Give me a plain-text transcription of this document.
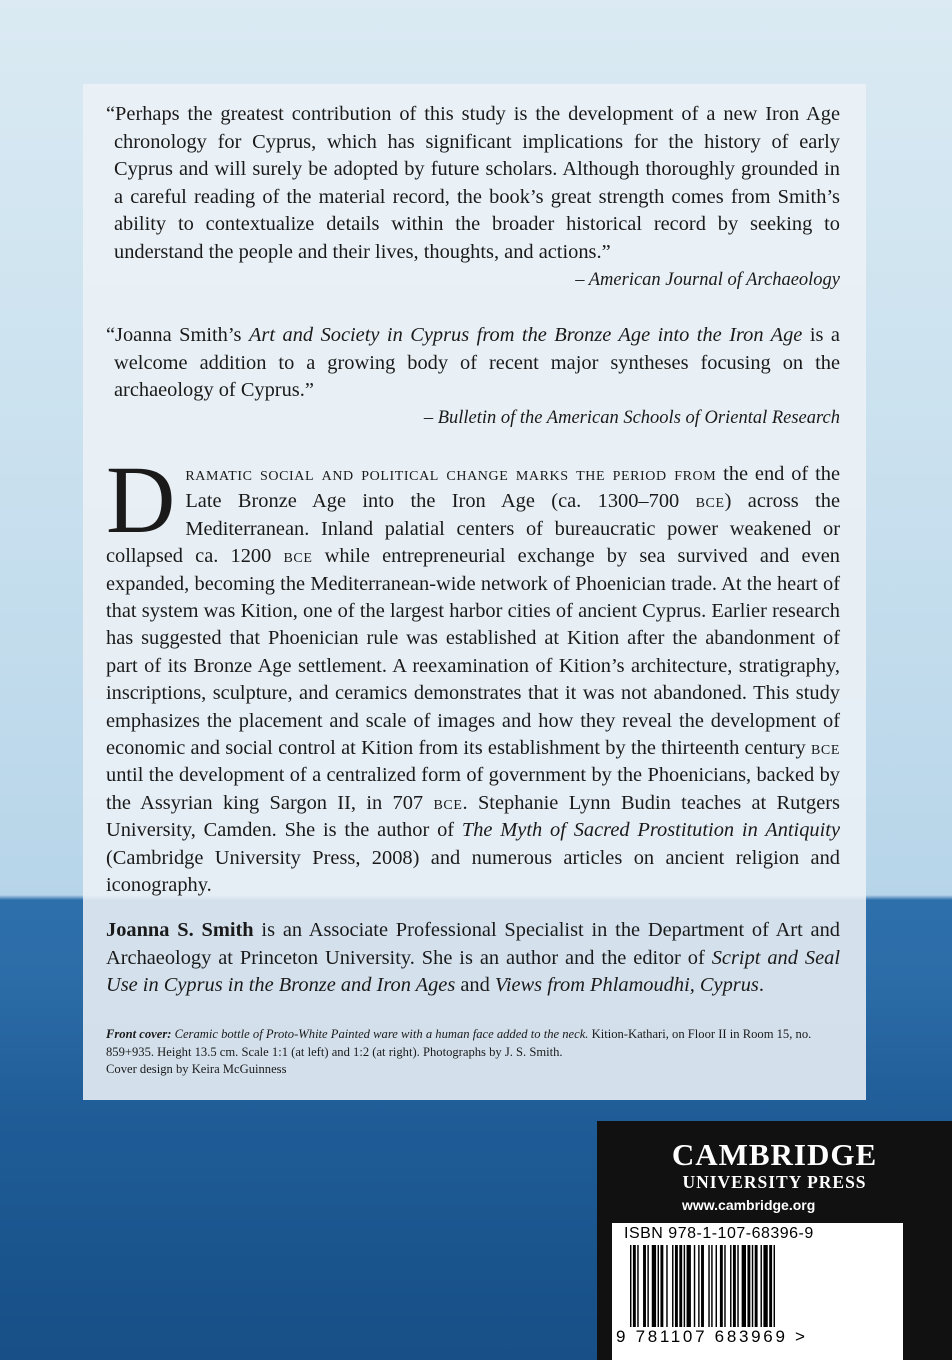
“Perhaps the greatest contribution of this study is the development of a new Iron Age chronology for Cyprus, which has significant implications for the history of early Cyprus and will surely be adopted by future scholars. Although thoroughly grounded in a careful reading of the material record, the book’s great strength comes from Smith’s ability to contextualize details within the broader historical record by seeking to understand the people and their lives, thoughts, and actions.”

– American Journal of Archaeology

“Joanna Smith’s Art and Society in Cyprus from the Bronze Age into the Iron Age is a welcome addition to a growing body of recent major syntheses focusing on the archaeology of Cyprus.”

– Bulletin of the American Schools of Oriental Research
Dramatic social and political change marks the period from the end of the Late Bronze Age into the Iron Age (ca. 1300–700 bce) across the Mediterranean. Inland palatial centers of bureaucratic power weakened or collapsed ca. 1200 bce while entrepreneurial exchange by sea survived and even expanded, becoming the Mediterranean-wide network of Phoenician trade. At the heart of that system was Kition, one of the largest harbor cities of ancient Cyprus. Earlier research has suggested that Phoenician rule was established at Kition after the abandonment of part of its Bronze Age settlement. A reexamination of Kition’s architecture, stratigraphy, inscriptions, sculpture, and ceramics demonstrates that it was not abandoned. This study emphasizes the placement and scale of images and how they reveal the development of economic and social control at Kition from its establishment by the thirteenth century bce until the development of a centralized form of government by the Phoenicians, backed by the Assyrian king Sargon II, in 707 bce. Stephanie Lynn Budin teaches at Rutgers University, Camden. She is the author of The Myth of Sacred Prostitution in Antiquity (Cambridge University Press, 2008) and numerous articles on ancient religion and iconography.
Joanna S. Smith is an Associate Professional Specialist in the Department of Art and Archaeology at Princeton University. She is an author and the editor of Script and Seal Use in Cyprus in the Bronze and Iron Ages and Views from Phlamoudhi, Cyprus.
Front cover: Ceramic bottle of Proto-White Painted ware with a human face added to the neck. Kition-Kathari, on Floor II in Room 15, no. 859+935. Height 13.5 cm. Scale 1:1 (at left) and 1:2 (at right). Photographs by J. S. Smith.
Cover design by Keira McGuinness
CAMBRIDGE
UNIVERSITY PRESS
www.cambridge.org
ISBN 978-1-107-68396-9
9 781107 683969 >
